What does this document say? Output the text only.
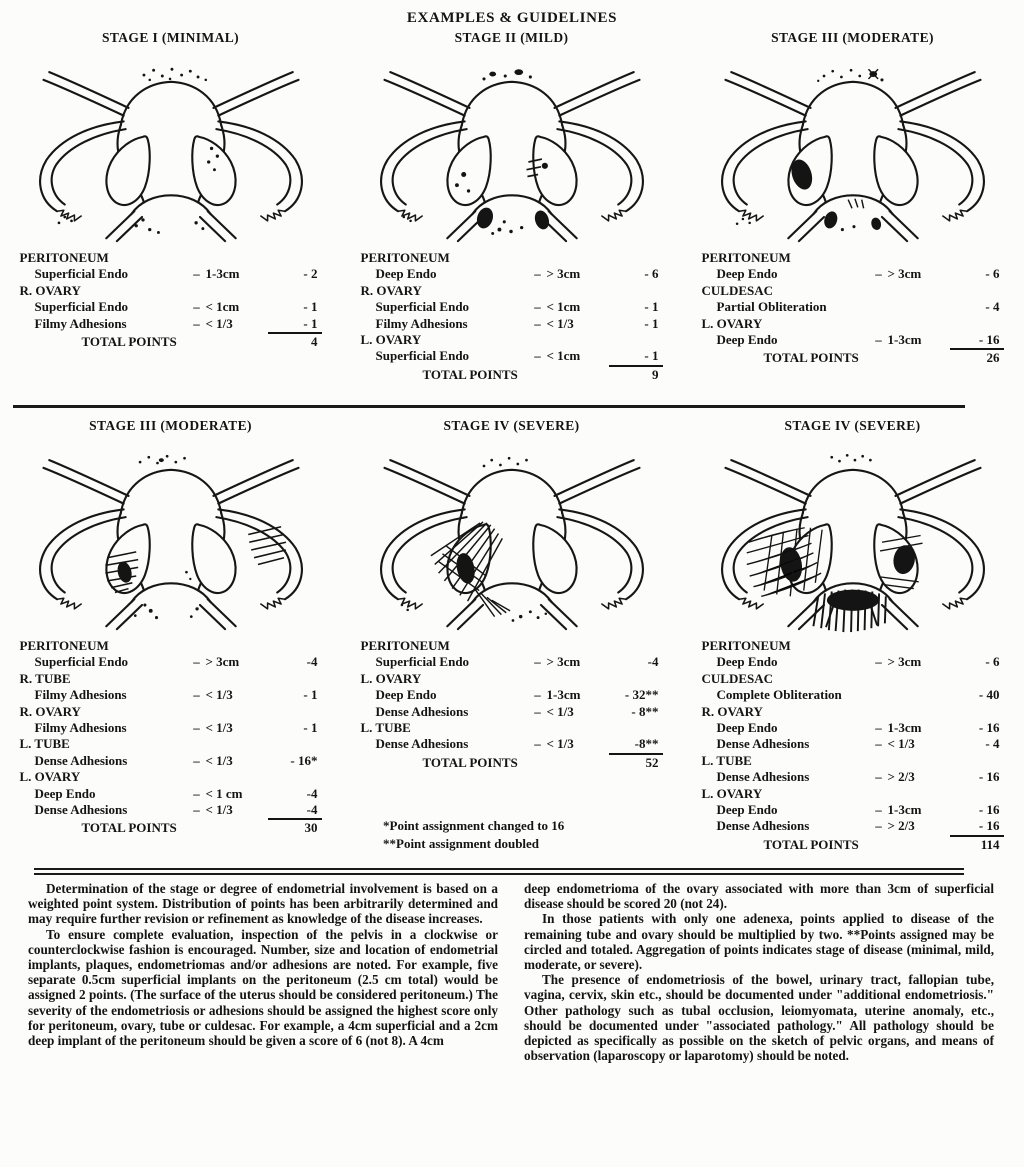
EXAMPLES & GUIDELINES
STAGE I (MINIMAL)
PERITONEUM
Superficial Endo	– 1-3cm	- 2
R. OVARY
Superficial Endo	– < 1cm	- 1
Filmy Adhesions	– < 1/3	- 1
TOTAL POINTS	4
STAGE II (MILD)
PERITONEUM
Deep Endo	– > 3cm	- 6
R. OVARY
Superficial Endo	– < 1cm	- 1
Filmy Adhesions	– < 1/3	- 1
L. OVARY
Superficial Endo	– < 1cm	- 1
TOTAL POINTS	9
STAGE III (MODERATE)
PERITONEUM
Deep Endo	– > 3cm	- 6
CULDESAC
Partial Obliteration	- 4
L. OVARY
Deep Endo	– 1-3cm	- 16
TOTAL POINTS	26
STAGE III (MODERATE)
PERITONEUM
Superficial Endo	– > 3cm	-4
R. TUBE
Filmy Adhesions	– < 1/3	- 1
R. OVARY
Filmy Adhesions	– < 1/3	- 1
L. TUBE
Dense Adhesions	– < 1/3	- 16*
L. OVARY
Deep Endo	– < 1 cm	-4
Dense Adhesions	– < 1/3	-4
TOTAL POINTS	30
STAGE IV (SEVERE)
PERITONEUM
Superficial Endo	– > 3cm	-4
L. OVARY
Deep Endo	– 1-3cm	- 32**
Dense Adhesions	– < 1/3	- 8**
L. TUBE
Dense Adhesions	– < 1/3	-8**
TOTAL POINTS	52
*Point assignment changed to 16
**Point assignment doubled
STAGE IV (SEVERE)
PERITONEUM
Deep Endo	– > 3cm	- 6
CULDESAC
Complete Obliteration	- 40
R. OVARY
Deep Endo	– 1-3cm	- 16
Dense Adhesions	– < 1/3	- 4
L. TUBE
Dense Adhesions	– > 2/3	- 16
L. OVARY
Deep Endo	– 1-3cm	- 16
Dense Adhesions	– > 2/3	- 16
TOTAL POINTS	114

Determination of the stage or degree of endometrial involvement is based on a weighted point system. Distribution of points has been arbitrarily determined and may require further revision or refinement as knowledge of the disease increases.

To ensure complete evaluation, inspection of the pelvis in a clockwise or counterclockwise fashion is encouraged. Number, size and location of endometrial implants, plaques, endometriomas and/or adhesions are noted. For example, five separate 0.5cm superficial implants on the peritoneum (2.5 cm total) would be assigned 2 points. (The surface of the uterus should be considered peritoneum.) The severity of the endometriosis or adhesions should be assigned the highest score only for peritoneum, ovary, tube or culdesac. For example, a 4cm superficial and a 2cm deep implant of the peritoneum should be given a score of 6 (not 8). A 4cm

deep endometrioma of the ovary associated with more than 3cm of superficial disease should be scored 20 (not 24).

In those patients with only one adenexa, points applied to disease of the remaining tube and ovary should be multiplied by two. **Points assigned may be circled and totaled. Aggregation of points indicates stage of disease (minimal, mild, moderate, or severe).

The presence of endometriosis of the bowel, urinary tract, fallopian tube, vagina, cervix, skin etc., should be documented under "additional endometriosis." Other pathology such as tubal occlusion, leiomyomata, uterine anomaly, etc., should be documented under "associated pathology." All pathology should be depicted as specifically as possible on the sketch of pelvic organs, and means of observation (laparoscopy or laparotomy) should be noted.
